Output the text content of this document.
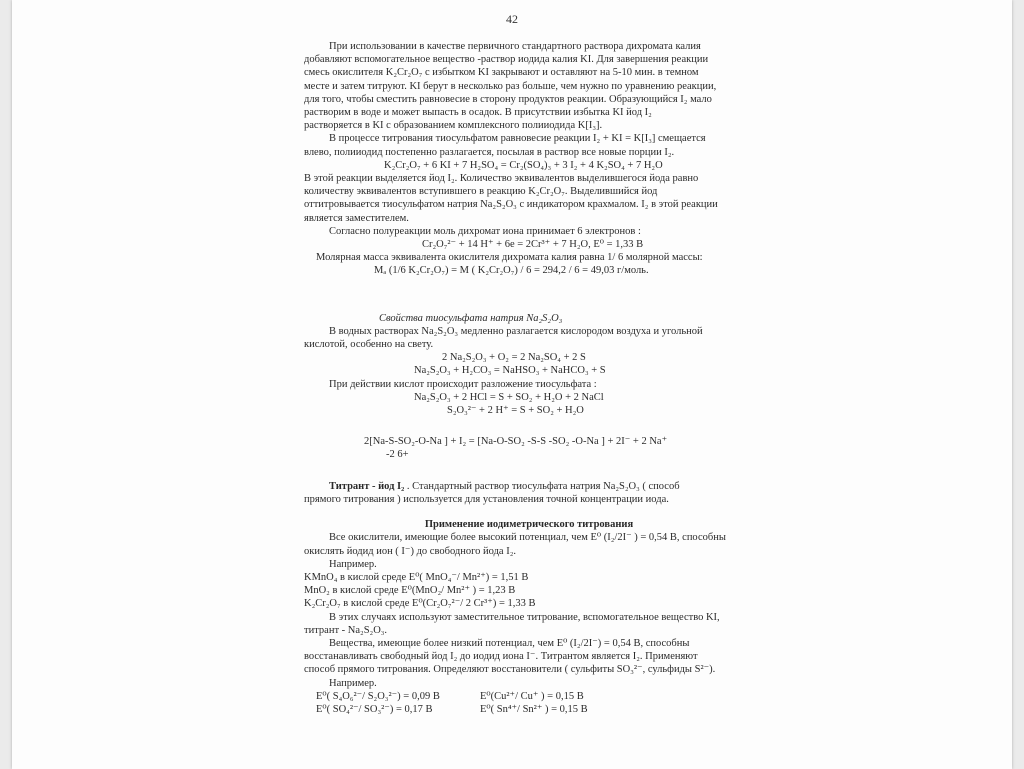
42

При использовании в качестве первичного стандартного раствора дихромата калия

добавляют вспомогательное вещество -раствор иодида калия KI. Для завершения реакции

смесь окислителя K₂Cr₂O₇ с избытком KI закрывают и оставляют на 5-10 мин. в темном

месте и затем титруют. KI берут в несколько раз больше, чем нужно по уравнению реакции,

для того, чтобы сместить равновесие в сторону продуктов реакции. Образующийся I₂ мало

растворим в воде и может выпасть в осадок. В присутствии избытка KI йод I₂

растворяется в KI с образованием комплексного полииодида K[I₃].

В процессе титрования тиосульфатом равновесие реакции I₂ + KI = K[I₃] смещается

влево, полииодид постепенно разлагается, посылая в раствор все новые порции I₂.

K₂Cr₂O₇ + 6 KI + 7 H₂SO₄ = Cr₂(SO₄)₃ + 3 I₂ + 4 K₂SO₄ + 7 H₂O

В этой реакции выделяется йод I₂. Количество эквивалентов выделившегося йода равно

количеству эквивалентов вступившего в реакцию K₂Cr₂O₇. Выделившийся йод

оттитровывается тиосульфатом натрия Na₂S₂O₃ с индикатором крахмалом. I₂ в этой реакции

является заместителем.

Согласно полуреакции моль дихромат иона принимает 6 электронов :

Cr₂O₇²⁻ + 14 H⁺ + 6e = 2Cr³⁺ + 7 H₂O, E⁰ = 1,33 В

Молярная масса эквивалента окислителя дихромата калия равна 1/ 6 молярной массы:

Mₐ (1/6 K₂Cr₂O₇) = M ( K₂Cr₂O₇) / 6 = 294,2 / 6 = 49,03 г/моль.

Свойства тиосульфата натрия Na₂S₂O₃

В водных растворах Na₂S₂O₃ медленно разлагается кислородом воздуха и угольной

кислотой, особенно на свету.

2 Na₂S₂O₃ + O₂ = 2 Na₂SO₄ + 2 S

Na₂S₂O₃ + H₂CO₃ = NaHSO₃ + NaHCO₃ + S

При действии кислот происходит разложение тиосульфата :

Na₂S₂O₃ + 2 HCl = S + SO₂ + H₂O + 2 NaCl

S₂O₃²⁻ + 2 H⁺ = S + SO₂ + H₂O

2[Na-S-SO₂-O-Na ] + I₂ = [Na-O-SO₂ -S-S -SO₂ -O-Na ] + 2I⁻ + 2 Na⁺

-2 6+

Титрант - йод I₂ . Стандартный раствор тиосульфата натрия Na₂S₂O₃ ( способ

прямого титрования ) используется для установления точной концентрации иода.

Применение иодиметрического титрования

Все окислители, имеющие более высокий потенциал, чем E⁰ (I₂/2I⁻ ) = 0,54 В, способны

окислять йодид ион ( I⁻) до свободного йода I₂.

Например.

KMnO₄ в кислой среде E⁰( MnO₄⁻/ Mn²⁺) = 1,51 В

MnO₂ в кислой среде E⁰(MnO₂/ Mn²⁺ ) = 1,23 В

K₂Cr₂O₇ в кислой среде E⁰(Cr₂O₇²⁻/ 2 Cr³⁺) = 1,33 В

В этих случаях используют заместительное титрование, вспомогательное вещество KI,

титрант - Na₂S₂O₃.

Вещества, имеющие более низкий потенциал, чем E⁰ (I₂/2I⁻) = 0,54 В, способны

восстанавливать свободный йод I₂ до иодид иона I⁻. Титрантом является I₂. Применяют

способ прямого титрования. Определяют восстановители ( сульфиты SO₃²⁻, сульфиды S²⁻).

Например.

E⁰( S₄O₆²⁻/ S₂O₃²⁻) = 0,09 В	E⁰(Cu²⁺/ Cu⁺ ) = 0,15 В
E⁰( SO₄²⁻/ SO₃²⁻) = 0,17 В	E⁰( Sn⁴⁺/ Sn²⁺ ) = 0,15 В
